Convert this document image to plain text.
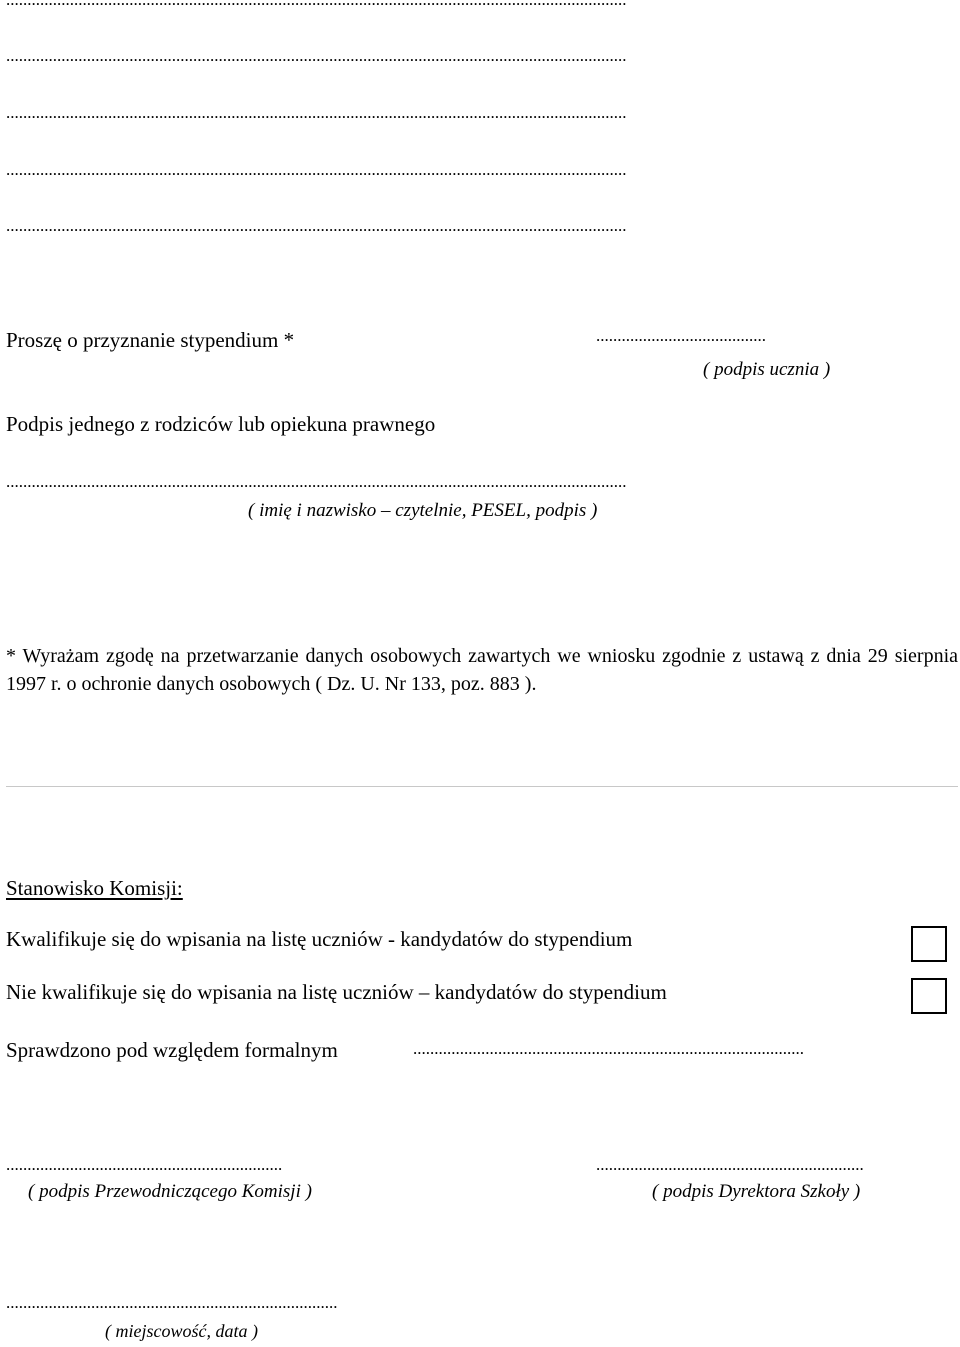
..................................................................................................................................................
..................................................................................................................................................
..................................................................................................................................................
..................................................................................................................................................
Proszę o przyznanie stypendium *	........................................
( podpis ucznia )
Podpis jednego z rodziców lub opiekuna prawnego
..................................................................................................................................................
( imię i nazwisko – czytelnie, PESEL, podpis )
* Wyrażam zgodę na przetwarzanie danych osobowych zawartych we wniosku zgodnie z ustawą z dnia 29 sierpnia 1997 r. o ochronie danych osobowych ( Dz. U. Nr 133, poz. 883 ).
Stanowisko Komisji:
Kwalifikuje się do wpisania na listę uczniów - kandydatów do stypendium
Nie kwalifikuje się do wpisania na listę uczniów – kandydatów do stypendium
Sprawdzono pod względem formalnym	............................................................................................
.................................................................
( podpis Przewodniczącego Komisji )
...............................................................
( podpis Dyrektora Szkoły )
..............................................................................
( miejscowość, data )
